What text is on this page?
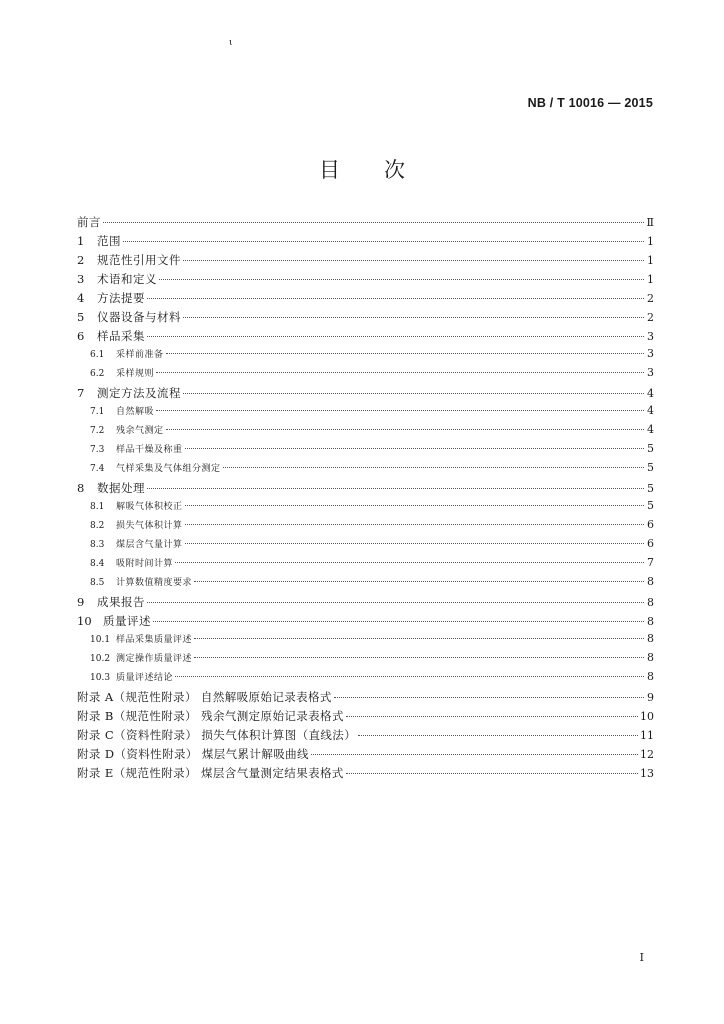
ι
NB / T 10016 — 2015
目次
前言	Ⅱ
1	范围	1
2	规范性引用文件	1
3	术语和定义	1
4	方法提要	2
5	仪器设备与材料	2
6	样品采集	3
6.1	采样前准备	3
6.2	采样规则	3
7	测定方法及流程	4
7.1	自然解吸	4
7.2	残余气测定	4
7.3	样品干燥及称重	5
7.4	气样采集及气体组分测定	5
8	数据处理	5
8.1	解吸气体积校正	5
8.2	损失气体积计算	6
8.3	煤层含气量计算	6
8.4	吸附时间计算	7
8.5	计算数值精度要求	8
9	成果报告	8
10 质量评述	8
10.1 样品采集质量评述	8
10.2 测定操作质量评述	8
10.3 质量评述结论	8
附录 A（规范性附录） 自然解吸原始记录表格式	9
附录 B（规范性附录） 残余气测定原始记录表格式	10
附录 C（资料性附录） 损失气体积计算图（直线法）	11
附录 D（资料性附录） 煤层气累计解吸曲线	12
附录 E（规范性附录） 煤层含气量测定结果表格式	13
I
